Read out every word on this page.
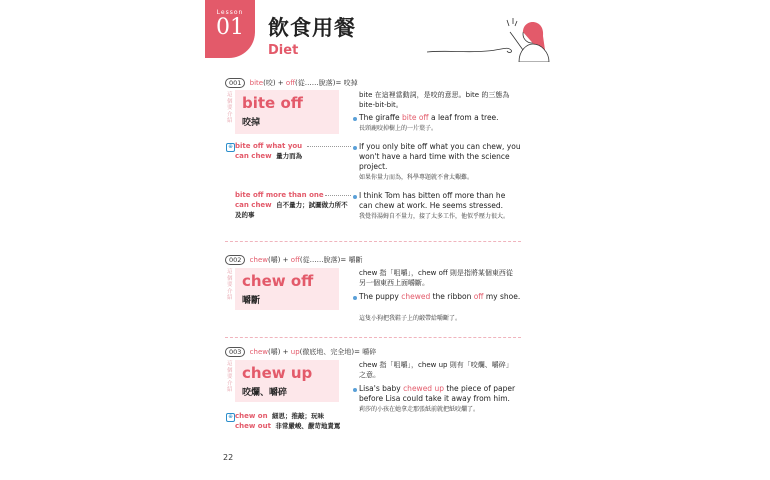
Lesson
01	飲食用餐
Diet
001 bite(咬) + off(從……脫落)= 咬掉
這個要介紹
bite off
咬掉
bite 在這裡當動詞，是咬的意思。bite 的三態為 bite-bit-bit。
The giraffe bite off a leaf from a tree.
長頸鹿咬掉樹上的一片葉子。
⊕ bite off what you
can chew 量力而為
If you only bite off what you can chew, you won't have a hard time with the science project.
如果你量力而為，科學專題就不會太艱難。
bite off more than one
can chew 自不量力；試圖做力所不及的事
I think Tom has bitten off more than he can chew at work. He seems stressed.
我覺得湯姆自不量力，接了太多工作，他似乎壓力很大。
002 chew(嚼) + off(從……脫落)= 嚼斷
這個要介紹
chew off
嚼斷
chew 指「咀嚼」，chew off 則是指將某個東西從另一個東西上面嚼斷。
The puppy chewed the ribbon off my shoe.
這隻小狗把我鞋子上的緞帶給嚼斷了。
003 chew(嚼) + up(徹底地、完全地)= 嚼碎
這個要介紹
chew up
咬爛、嚼碎
chew 指「咀嚼」，chew up 則有「咬爛、嚼碎」之意。
Lisa's baby chewed up the piece of paper before Lisa could take it away from him.
莉莎的小孩在她拿走那張紙前就把紙咬爛了。
⊕ chew on 細思；推敲；玩味
chew out 非常嚴峻、嚴苛地責罵
22
